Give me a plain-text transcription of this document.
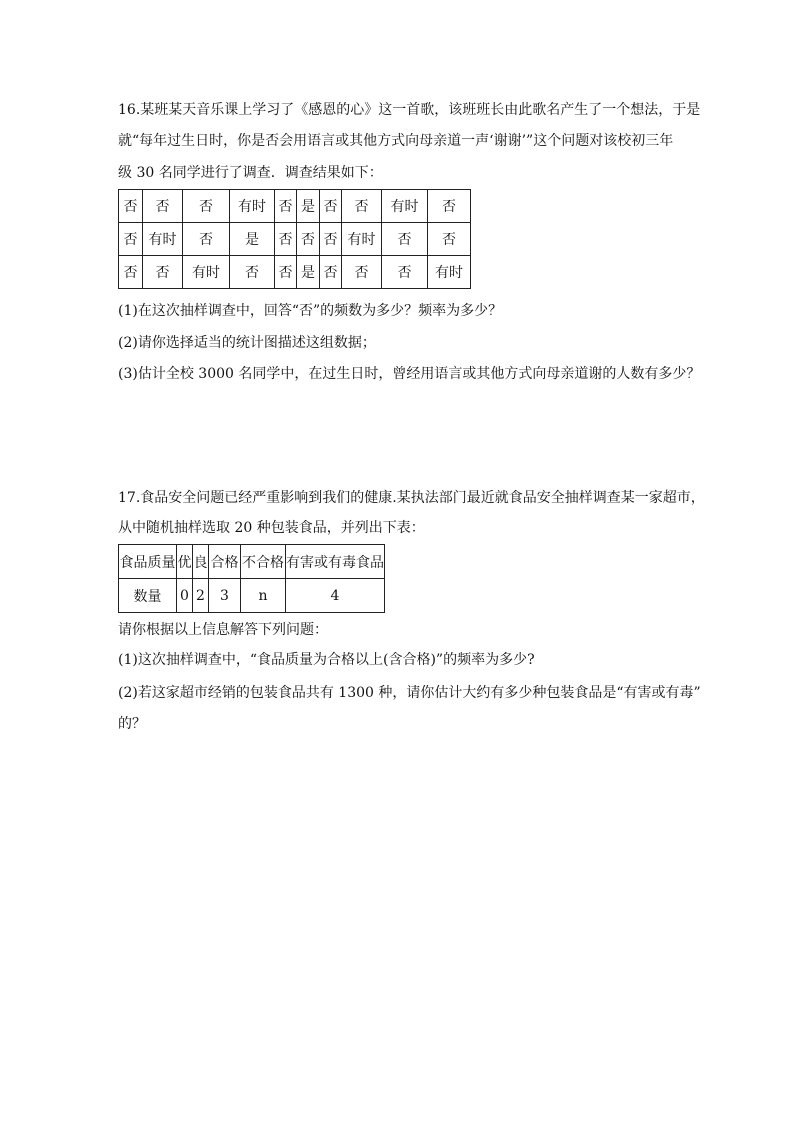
16.某班某天音乐课上学习了《感恩的心》这一首歌，该班班长由此歌名产生了一个想法，于是
就“每年过生日时，你是否会用语言或其他方式向母亲道一声‘谢谢’”这个问题对该校初三年
级 30 名同学进行了调查．调查结果如下：
否	否	否	有时	否	是	否	否	有时	否
否	有时	否	是	否	否	否	有时	否	否
否	否	有时	否	否	是	否	否	否	有时
(1)在这次抽样调查中，回答“否”的频数为多少？频率为多少？
(2)请你选择适当的统计图描述这组数据；
(3)估计全校 3000 名同学中，在过生日时，曾经用语言或其他方式向母亲道谢的人数有多少？
17.食品安全问题已经严重影响到我们的健康.某执法部门最近就食品安全抽样调查某一家超市，
从中随机抽样选取 20 种包装食品，并列出下表：
食品质量	优	良	合格	不合格	有害或有毒食品
数量	0	2	3	n	4
请你根据以上信息解答下列问题：
(1)这次抽样调查中，“食品质量为合格以上(含合格)”的频率为多少?
(2)若这家超市经销的包装食品共有 1300 种，请你估计大约有多少种包装食品是“有害或有毒”
的？
